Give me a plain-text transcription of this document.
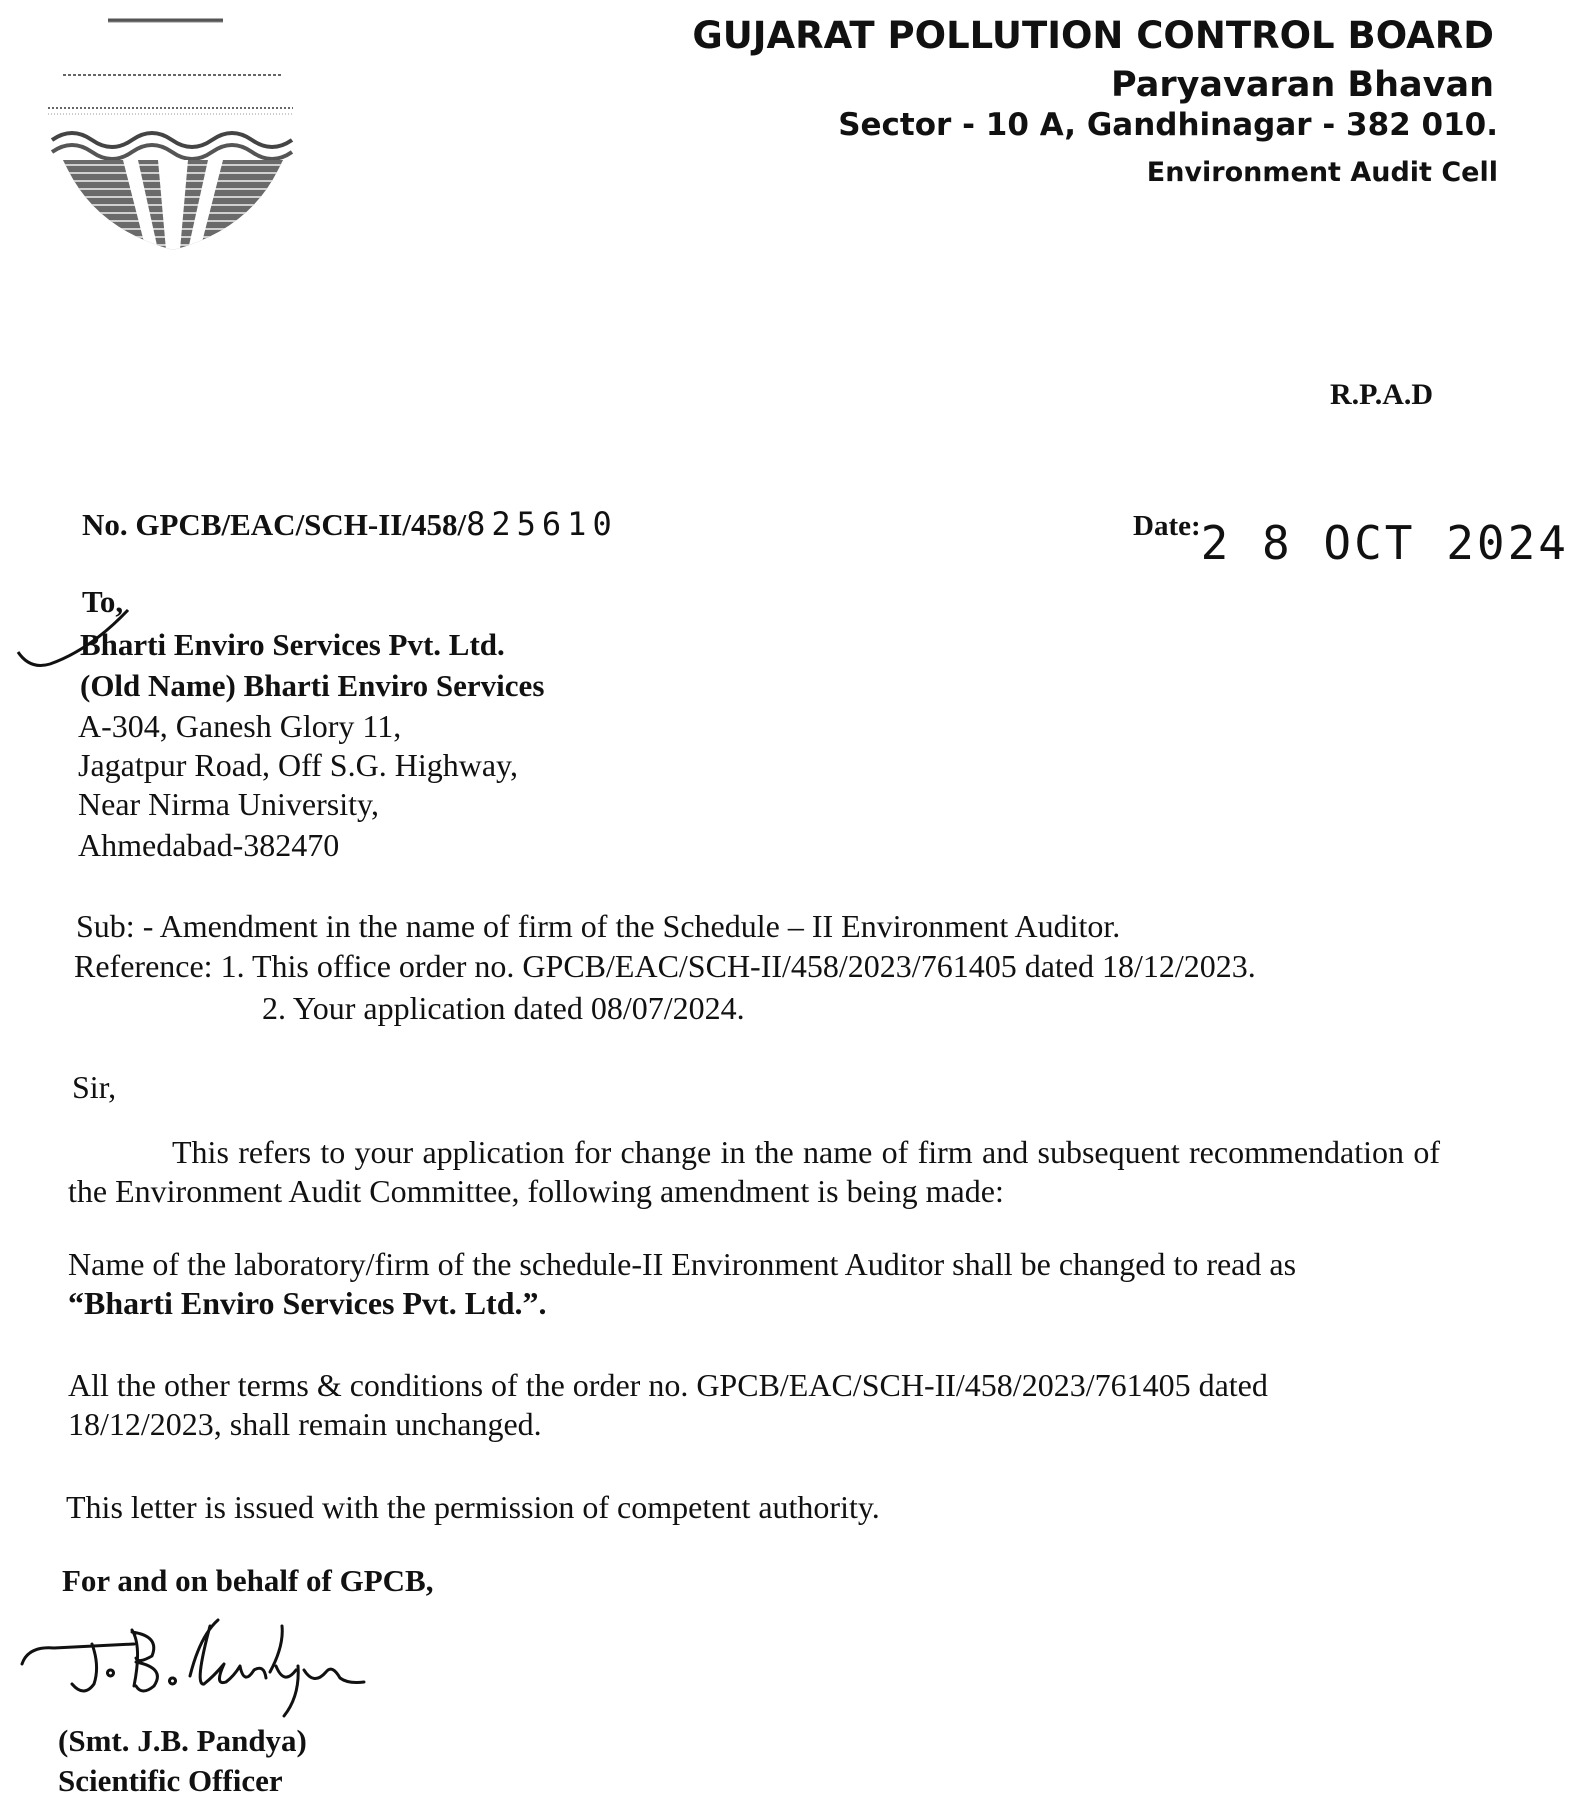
GUJARAT POLLUTION CONTROL BOARD
Paryavaran Bhavan
Sector - 10 A, Gandhinagar - 382 010.
Environment Audit Cell
R.P.A.D
No. GPCB/EAC/SCH-II/458/825610	Date:2 8 OCT 2024
To,
Bharti Enviro Services Pvt. Ltd.
(Old Name) Bharti Enviro Services
A-304, Ganesh Glory 11,
Jagatpur Road, Off S.G. Highway,
Near Nirma University,
Ahmedabad-382470
Sub: - Amendment in the name of firm of the Schedule – II Environment Auditor.
Reference: 1. This office order no. GPCB/EAC/SCH-II/458/2023/761405 dated 18/12/2023.
2. Your application dated 08/07/2024.
Sir,
This refers to your application for change in the name of firm and subsequent recommendation of the Environment Audit Committee, following amendment is being made:
Name of the laboratory/firm of the schedule-II Environment Auditor shall be changed to read as
“Bharti Enviro Services Pvt. Ltd.”.
All the other terms & conditions of the order no. GPCB/EAC/SCH-II/458/2023/761405 dated 18/12/2023, shall remain unchanged.
This letter is issued with the permission of competent authority.
For and on behalf of GPCB,
(Smt. J.B. Pandya)
Scientific Officer
